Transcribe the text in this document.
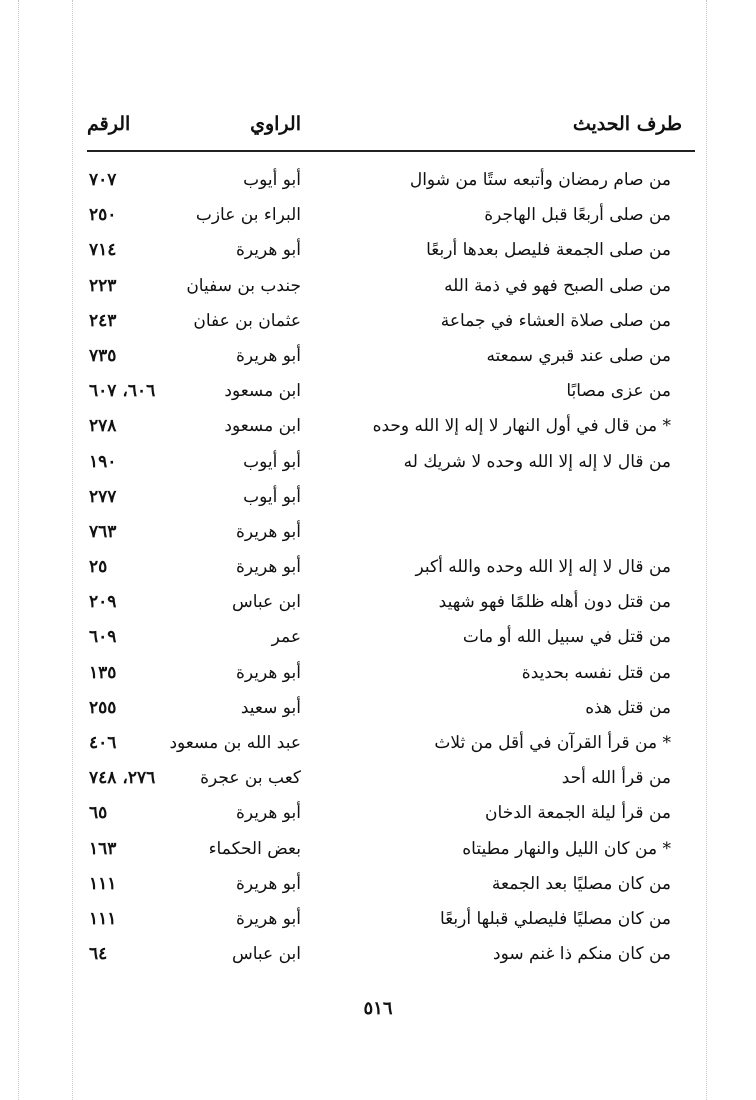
طرف الحديث
الراوي
الرقم
من صام رمضان وأتبعه ستًا من شوال
أبو أيوب
٧٠٧
من صلى أربعًا قبل الهاجرة
البراء بن عازب
٢٥٠
من صلى الجمعة فليصل بعدها أربعًا
أبو هريرة
٧١٤
من صلى الصبح فهو في ذمة الله
جندب بن سفيان
٢٢٣
من صلى صلاة العشاء في جماعة
عثمان بن عفان
٢٤٣
من صلى عند قبري سمعته
أبو هريرة
٧٣٥
من عزى مصابًا
ابن مسعود
٦٠٦، ٦٠٧
* من قال في أول النهار لا إله إلا الله وحده
ابن مسعود
٢٧٨
من قال لا إله إلا الله وحده لا شريك له
أبو أيوب
١٩٠
أبو أيوب
٢٧٧
أبو هريرة
٧٦٣
من قال لا إله إلا الله وحده والله أكبر
أبو هريرة
٢٥
من قتل دون أهله ظلمًا فهو شهيد
ابن عباس
٢٠٩
من قتل في سبيل الله أو مات
عمر
٦٠٩
من قتل نفسه بحديدة
أبو هريرة
١٣٥
من قتل هذه
أبو سعيد
٢٥٥
* من قرأ القرآن في أقل من ثلاث
عبد الله بن مسعود
٤٠٦
من قرأ الله أحد
كعب بن عجرة
٢٧٦، ٧٤٨
من قرأ ليلة الجمعة الدخان
أبو هريرة
٦٥
* من كان الليل والنهار مطيتاه
بعض الحكماء
١٦٣
من كان مصليًا بعد الجمعة
أبو هريرة
١١١
من كان مصليًا فليصلي قبلها أربعًا
أبو هريرة
١١١
من كان منكم ذا غنم سود
ابن عباس
٦٤
٥١٦
